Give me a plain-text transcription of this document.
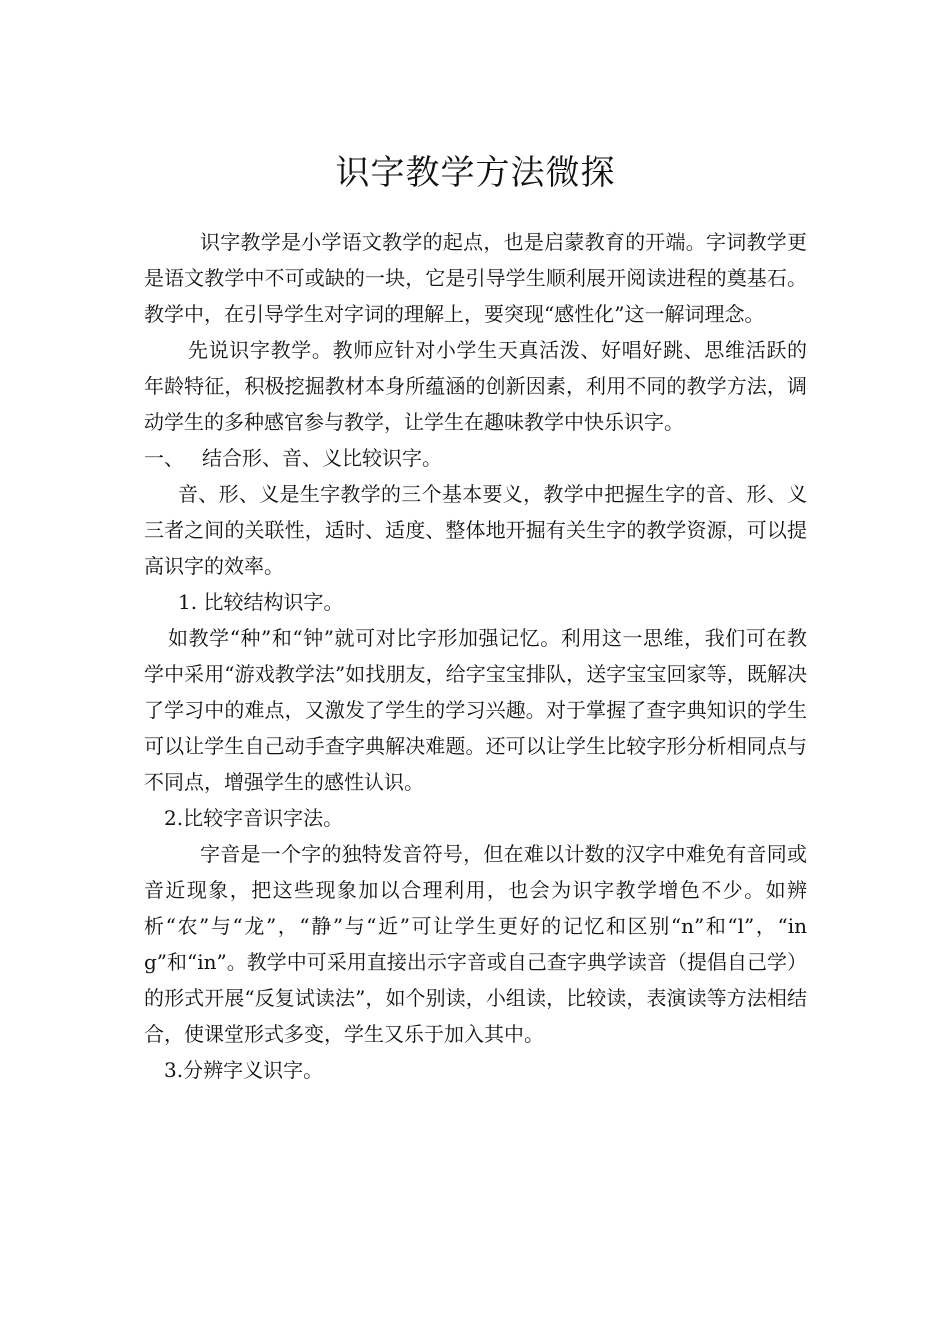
识字教学方法微探

识字教学是小学语文教学的起点，也是启蒙教育的开端。字词教学更是语文教学中不可或缺的一块，它是引导学生顺利展开阅读进程的奠基石。教学中，在引导学生对字词的理解上，要突现“感性化”这一解词理念。

先说识字教学。教师应针对小学生天真活泼、好唱好跳、思维活跃的年龄特征，积极挖掘教材本身所蕴涵的创新因素，利用不同的教学方法，调动学生的多种感官参与教学，让学生在趣味教学中快乐识字。

一、 结合形、音、义比较识字。

音、形、义是生字教学的三个基本要义，教学中把握生字的音、形、义三者之间的关联性，适时、适度、整体地开掘有关生字的教学资源，可以提高识字的效率。

1. 比较结构识字。

如教学“种”和“钟”就可对比字形加强记忆。利用这一思维，我们可在教学中采用“游戏教学法”如找朋友，给字宝宝排队，送字宝宝回家等，既解决了学习中的难点，又激发了学生的学习兴趣。对于掌握了查字典知识的学生可以让学生自己动手查字典解决难题。还可以让学生比较字形分析相同点与不同点，增强学生的感性认识。

2.比较字音识字法。

字音是一个字的独特发音符号，但在难以计数的汉字中难免有音同或音近现象，把这些现象加以合理利用，也会为识字教学增色不少。如辨析“农”与“龙”，“静”与“近”可让学生更好的记忆和区别“n”和“l”，“ing”和“in”。教学中可采用直接出示字音或自己查字典学读音（提倡自己学）的形式开展“反复试读法”，如个别读，小组读，比较读，表演读等方法相结合，使课堂形式多变，学生又乐于加入其中。

3.分辨字义识字。
